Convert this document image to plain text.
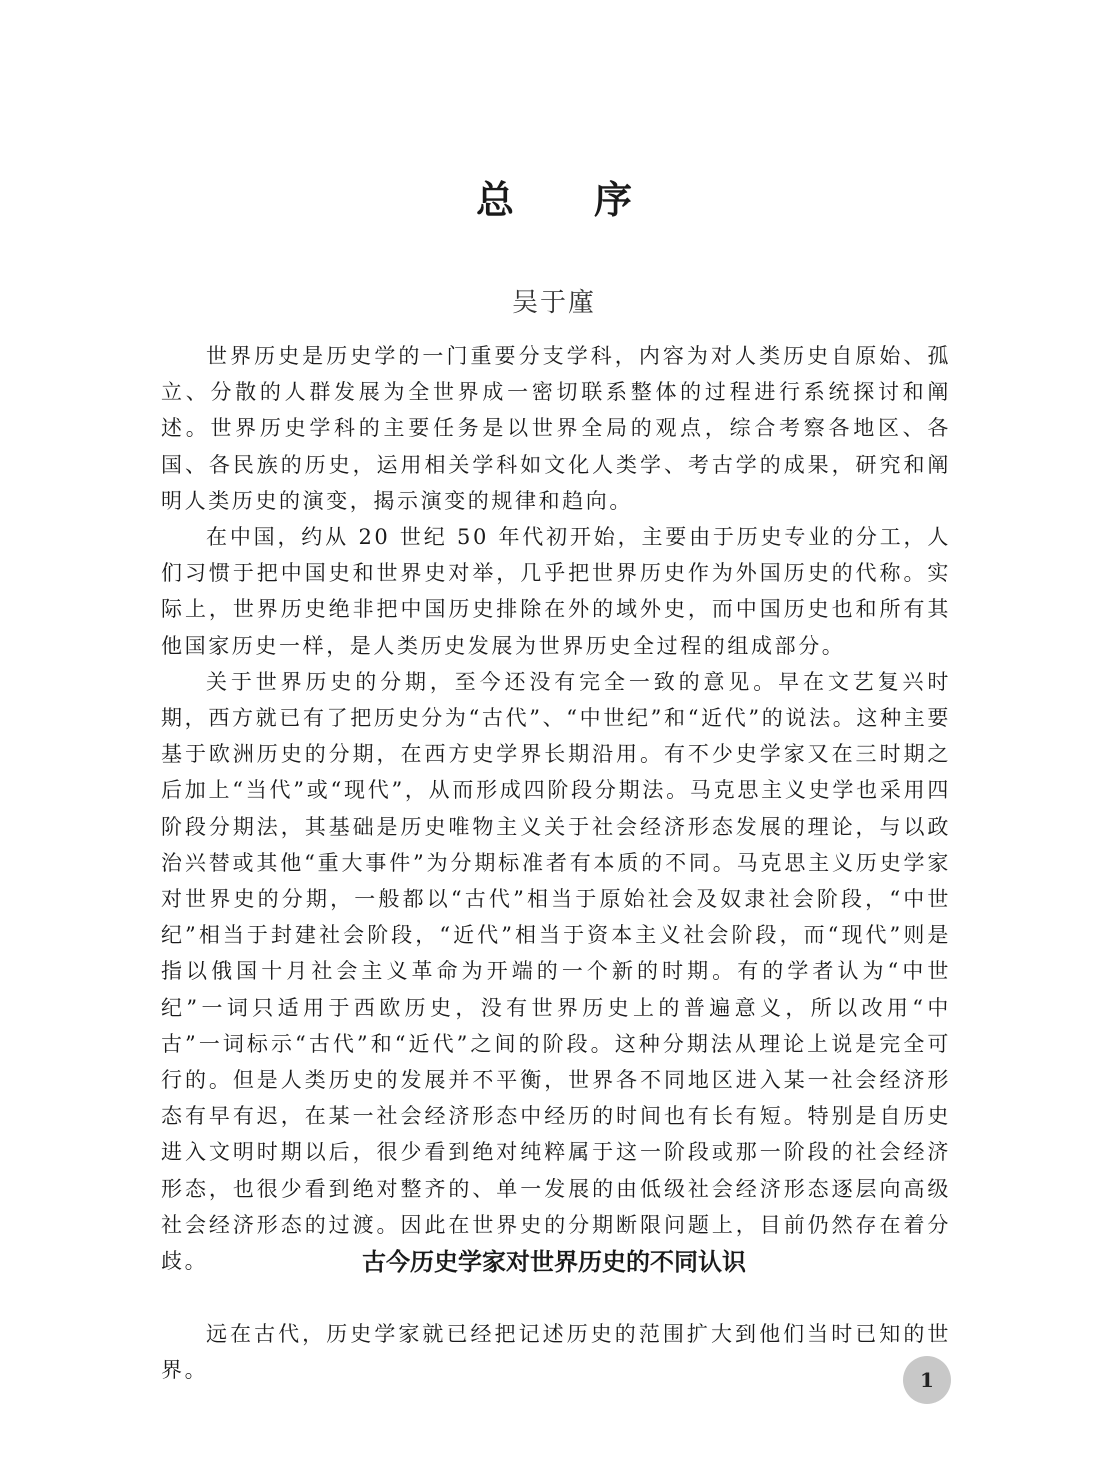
总序
吴于廑

世界历史是历史学的一门重要分支学科，内容为对人类历史自原始、孤立、分散的人群发展为全世界成一密切联系整体的过程进行系统探讨和阐述。世界历史学科的主要任务是以世界全局的观点，综合考察各地区、各国、各民族的历史，运用相关学科如文化人类学、考古学的成果，研究和阐明人类历史的演变，揭示演变的规律和趋向。

在中国，约从 20 世纪 50 年代初开始，主要由于历史专业的分工，人们习惯于把中国史和世界史对举，几乎把世界历史作为外国历史的代称。实际上，世界历史绝非把中国历史排除在外的域外史，而中国历史也和所有其他国家历史一样，是人类历史发展为世界历史全过程的组成部分。

关于世界历史的分期，至今还没有完全一致的意见。早在文艺复兴时期，西方就已有了把历史分为“古代”、“中世纪”和“近代”的说法。这种主要基于欧洲历史的分期，在西方史学界长期沿用。有不少史学家又在三时期之后加上“当代”或“现代”，从而形成四阶段分期法。马克思主义史学也采用四阶段分期法，其基础是历史唯物主义关于社会经济形态发展的理论，与以政治兴替或其他“重大事件”为分期标准者有本质的不同。马克思主义历史学家对世界史的分期，一般都以“古代”相当于原始社会及奴隶社会阶段，“中世纪”相当于封建社会阶段，“近代”相当于资本主义社会阶段，而“现代”则是指以俄国十月社会主义革命为开端的一个新的时期。有的学者认为“中世纪”一词只适用于西欧历史，没有世界历史上的普遍意义，所以改用“中古”一词标示“古代”和“近代”之间的阶段。这种分期法从理论上说是完全可行的。但是人类历史的发展并不平衡，世界各不同地区进入某一社会经济形态有早有迟，在某一社会经济形态中经历的时间也有长有短。特别是自历史进入文明时期以后，很少看到绝对纯粹属于这一阶段或那一阶段的社会经济形态，也很少看到绝对整齐的、单一发展的由低级社会经济形态逐层向高级社会经济形态的过渡。因此在世界史的分期断限问题上，目前仍然存在着分歧。	古今历史学家对世界历史的不同认识

远在古代，历史学家就已经把记述历史的范围扩大到他们当时已知的世界。	1
